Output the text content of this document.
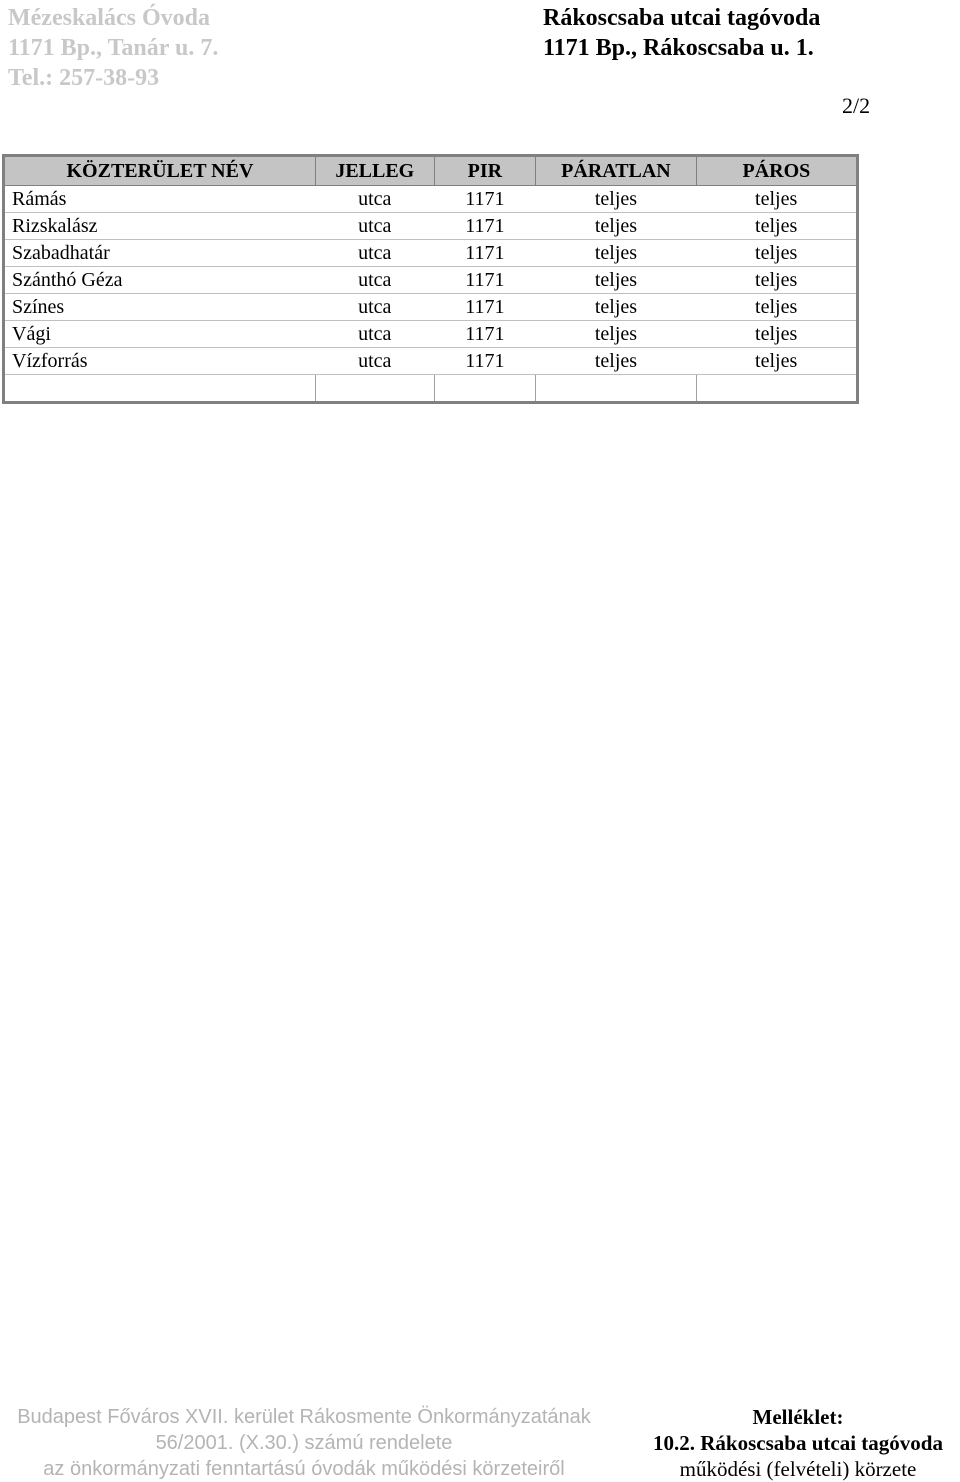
Mézeskalács Óvoda
1171 Bp., Tanár u. 7.
Tel.: 257-38-93
Rákoscsaba utcai tagóvoda
1171 Bp., Rákoscsaba u. 1.
2/2
KÖZTERÜLET NÉV	JELLEG	PIR	PÁRATLAN	PÁROS
Rámás	utca	1171	teljes	teljes
Rizskalász	utca	1171	teljes	teljes
Szabadhatár	utca	1171	teljes	teljes
Szánthó Géza	utca	1171	teljes	teljes
Színes	utca	1171	teljes	teljes
Vági	utca	1171	teljes	teljes
Vízforrás	utca	1171	teljes	teljes

Budapest Főváros XVII. kerület Rákosmente Önkormányzatának
56/2001. (X.30.) számú rendelete
az önkormányzati fenntartású óvodák működési körzeteiről
Melléklet:
10.2. Rákoscsaba utcai tagóvoda
működési (felvételi) körzete
